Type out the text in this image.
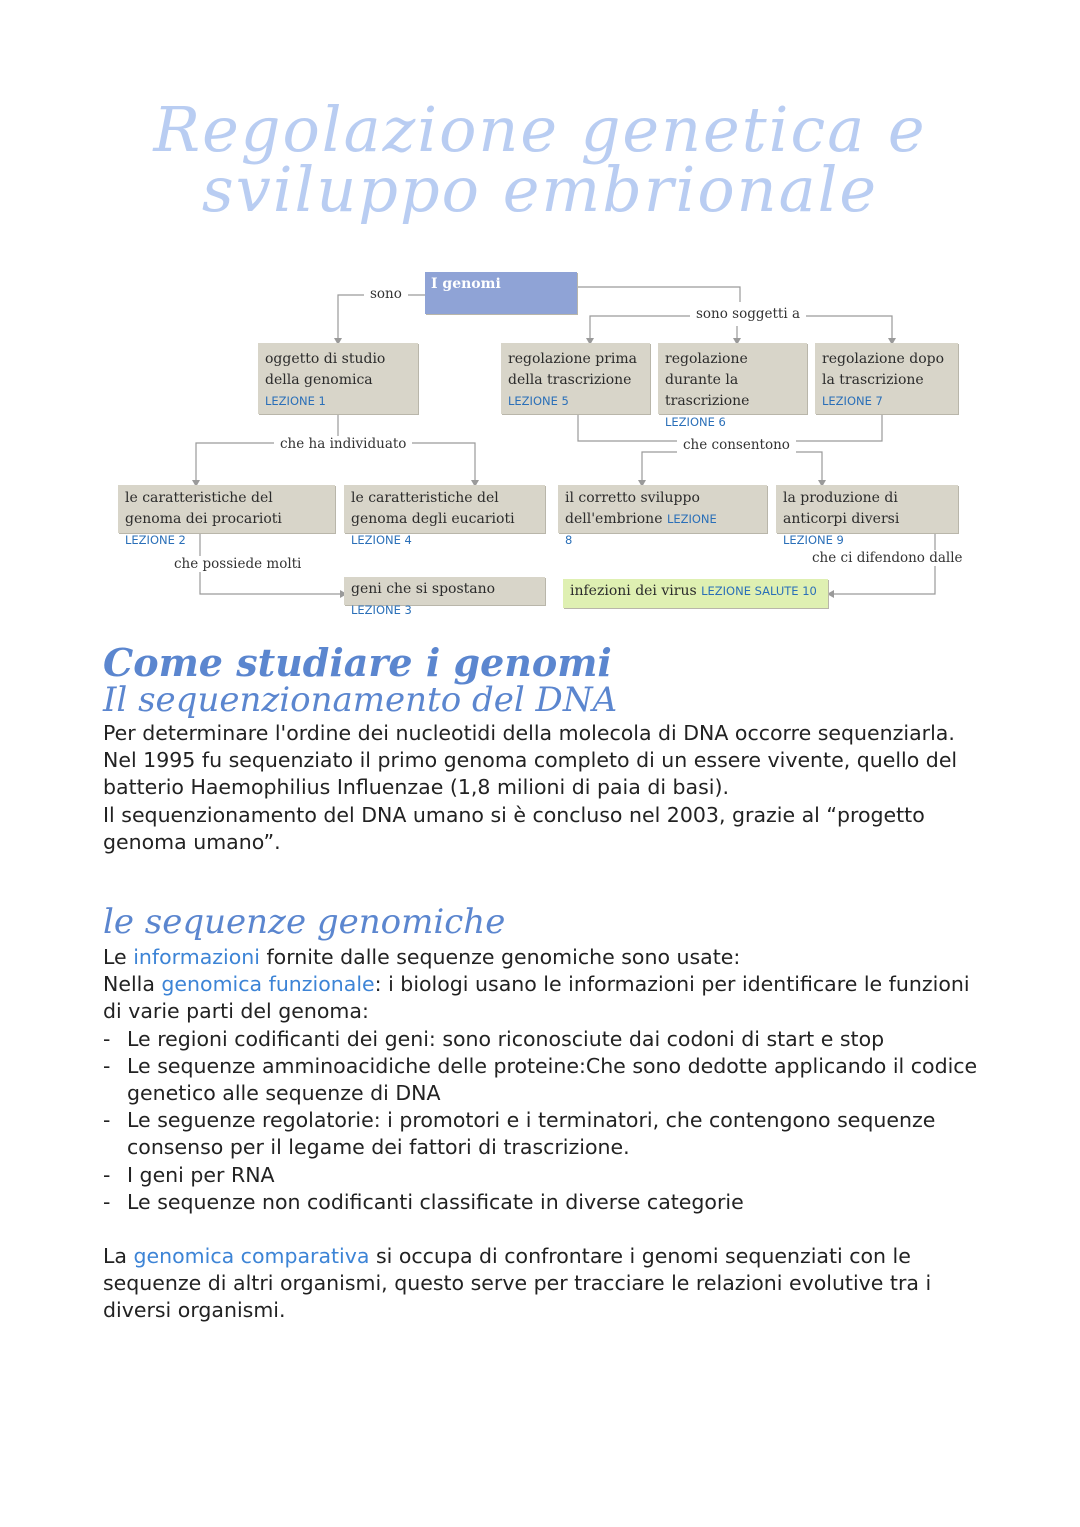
Regolazione genetica e
sviluppo embrionale
I genomi
sono
sono soggetti a
oggetto di studio della genomica
LEZIONE 1
regolazione prima della trascrizione
LEZIONE 5
regolazione durante la trascrizione
LEZIONE 6
regolazione dopo la trascrizione
LEZIONE 7
che ha individuato	che consentono
le caratteristiche del genoma dei procarioti LEZIONE 2
le caratteristiche del genoma degli eucarioti LEZIONE 4
il corretto sviluppo dell'embrione LEZIONE 8
la produzione di anticorpi diversi LEZIONE 9
che possiede molti	che ci difendono dalle
geni che si spostano LEZIONE 3
infezioni dei virus LEZIONE SALUTE 10
Come studiare i genomi
Il sequenzionamento del DNA
Per determinare l'ordine dei nucleotidi della molecola di DNA occorre sequenziarla.
Nel 1995 fu sequenziato il primo genoma completo di un essere vivente, quello del batterio Haemophilius Influenzae (1,8 milioni di paia di basi).
Il sequenzionamento del DNA umano si è concluso nel 2003, grazie al “progetto genoma umano”.
le sequenze genomiche
Le informazioni fornite dalle sequenze genomiche sono usate:
Nella genomica funzionale: i biologi usano le informazioni per identificare le funzioni di varie parti del genoma:
- Le regioni codificanti dei geni: sono riconosciute dai codoni di start e stop
- Le sequenze amminoacidiche delle proteine:Che sono dedotte applicando il codice genetico alle sequenze di DNA
- Le seguenze regolatorie: i promotori e i terminatori, che contengono sequenze consenso per il legame dei fattori di trascrizione.
- I geni per RNA
- Le sequenze non codificanti classificate in diverse categorie
La genomica comparativa si occupa di confrontare i genomi sequenziati con le sequenze di altri organismi, questo serve per tracciare le relazioni evolutive tra i diversi organismi.
